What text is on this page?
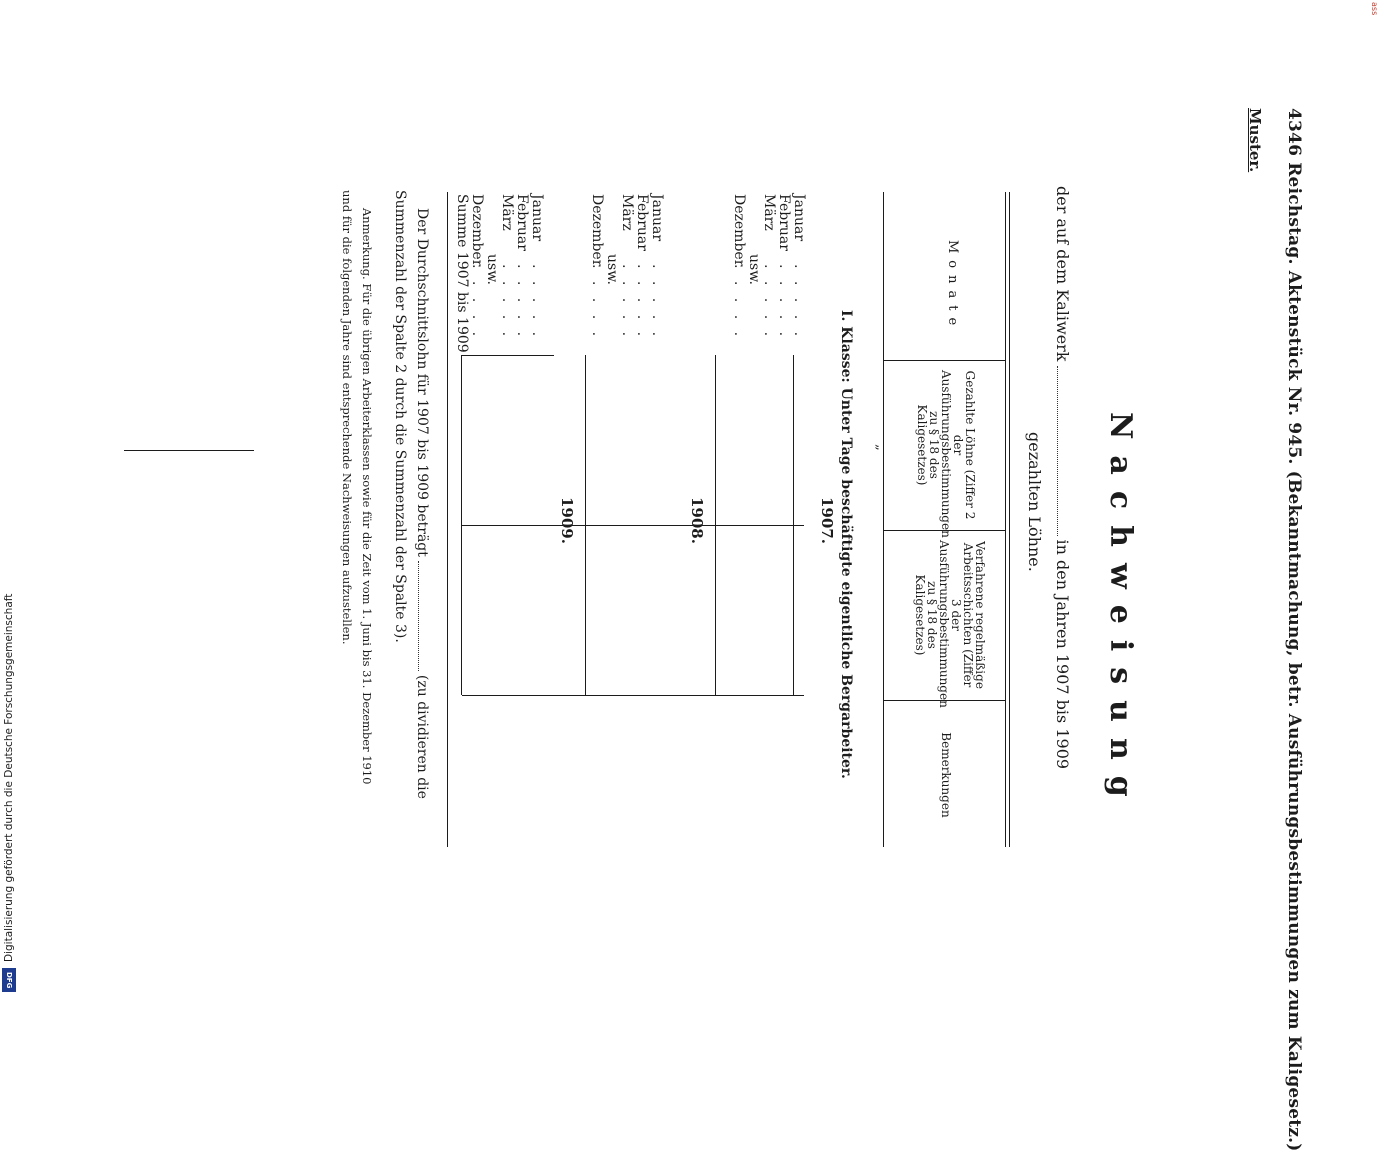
4346 Reichstag. Aktenstück Nr. 945. (Bekanntmachung, betr. Ausführungsbestimmungen zum Kaligesetz.)
Muster.
Nachweisung
der auf dem Kaliwerkin den Jahren 1907 bis 1909
gezahlten Löhne.
Monate
Gezahlte Löhne (Ziffer 2 der Ausführungsbestimmungen zu § 18 des Kaligesetzes)
Verfahrene regelmäßige Arbeitsschichten (Ziffer 3 der Ausführungsbestimmungen zu § 18 des Kaligesetzes)
Bemerkungen
„
I. Klasse: Unter Tage beschäftigte eigentliche Bergarbeiter.
1907.
Januar
Februar
März
usw.
Dezember
. . . . .
. . . . .
. . . . .

. . . . .
1908.
Januar
Februar
März
usw.
Dezember
. . . . .
. . . . .
. . . . .

. . . . .
1909.
Januar
Februar
März
usw.
Dezember
Summe 1907 bis 1909	. . . . .
. . . . .
. . . . .

. . . . .
Der Durchschnittslohn für 1907 bis 1909 beträgt(zu dividieren die
Summenzahl der Spalte 2 durch die Summenzahl der Spalte 3).
Anmerkung. Für die übrigen Arbeiterklassen sowie für die Zeit vom 1. Juni bis 31. Dezember 1910
und für die folgenden Jahre sind entsprechende Nachweisungen aufzustellen.
Digitalisierung gefördert durch die Deutsche Forschungsgemeinschaft
DFG
ass
